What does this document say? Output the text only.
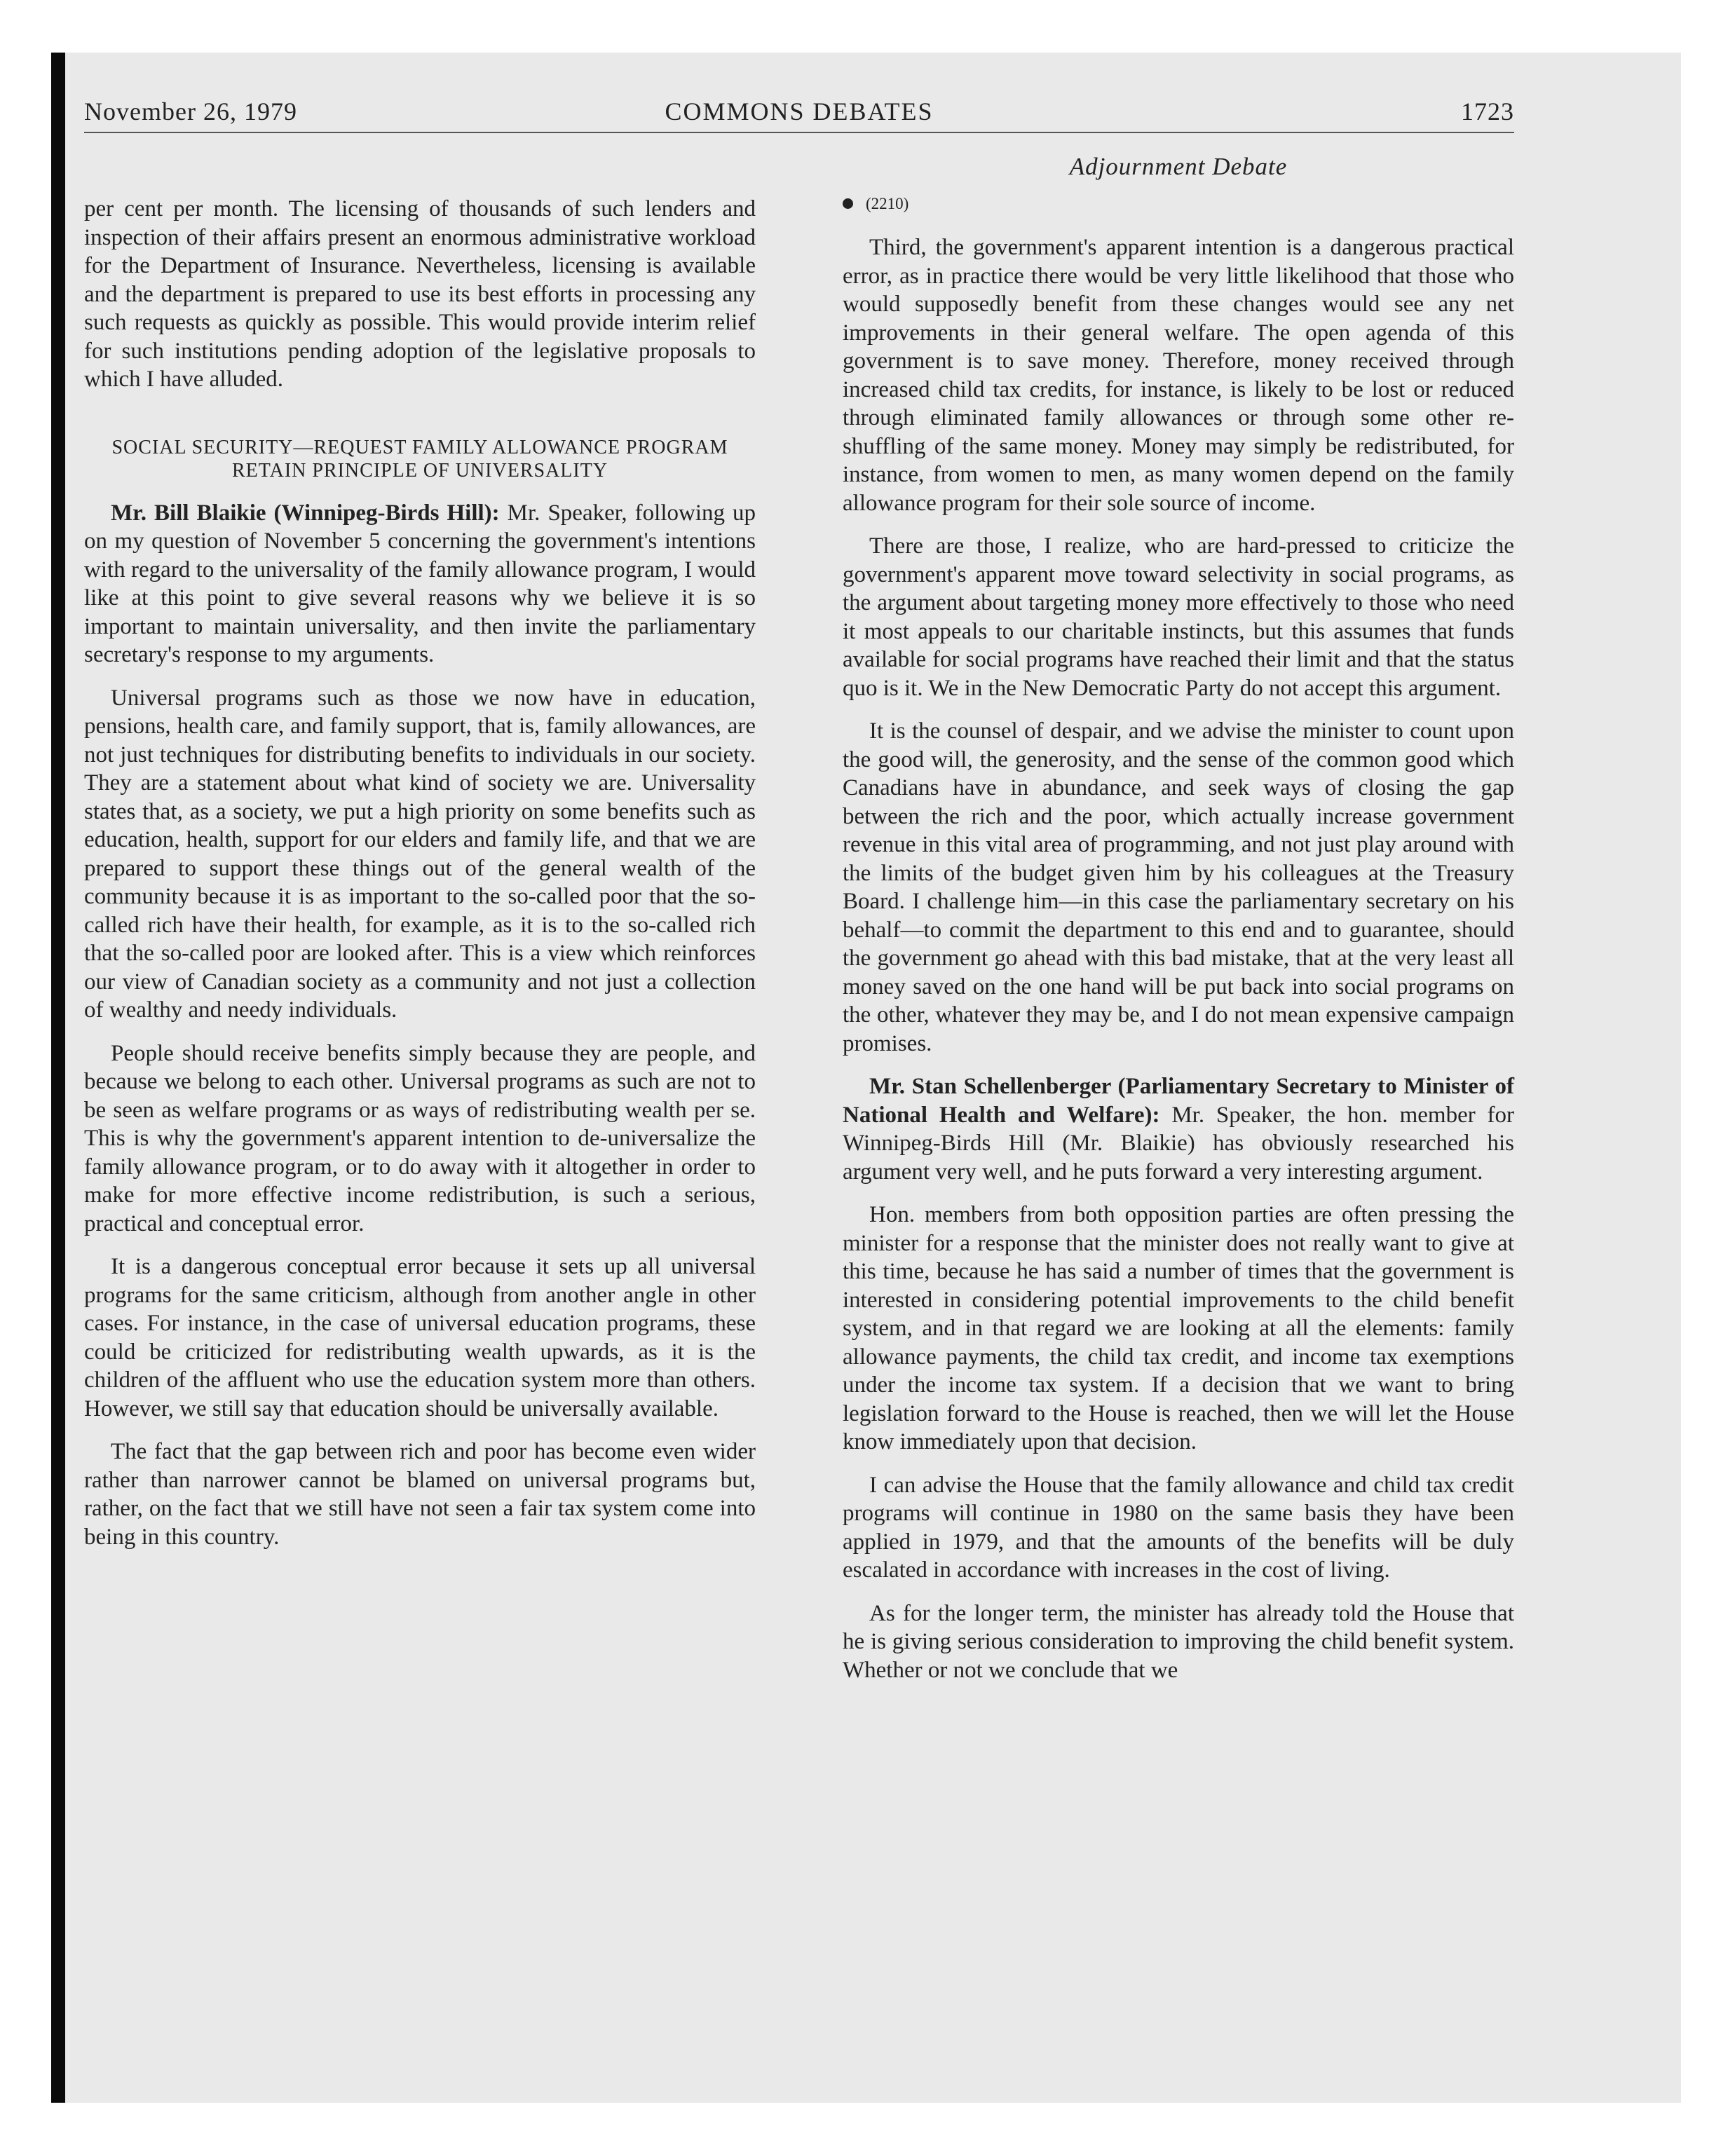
November 26, 1979	COMMONS DEBATES	1723

per cent per month. The licensing of thousands of such lenders and inspection of their affairs present an enormous administrative workload for the Department of Insurance. Nevertheless, licensing is available and the department is prepared to use its best efforts in processing any such requests as quickly as possible. This would provide interim relief for such institutions pending adoption of the legislative proposals to which I have alluded.

SOCIAL SECURITY—REQUEST FAMILY ALLOWANCE PROGRAM
RETAIN PRINCIPLE OF UNIVERSALITY

Mr. Bill Blaikie (Winnipeg-Birds Hill): Mr. Speaker, following up on my question of November 5 concerning the government's intentions with regard to the universality of the family allowance program, I would like at this point to give several reasons why we believe it is so important to maintain universality, and then invite the parliamentary secretary's response to my arguments.

Universal programs such as those we now have in education, pensions, health care, and family support, that is, family allowances, are not just techniques for distributing benefits to individuals in our society. They are a statement about what kind of society we are. Universality states that, as a society, we put a high priority on some benefits such as education, health, support for our elders and family life, and that we are prepared to support these things out of the general wealth of the community because it is as important to the so-called poor that the so-called rich have their health, for example, as it is to the so-called rich that the so-called poor are looked after. This is a view which reinforces our view of Canadian society as a community and not just a collection of wealthy and needy individuals.

People should receive benefits simply because they are people, and because we belong to each other. Universal programs as such are not to be seen as welfare programs or as ways of redistributing wealth per se. This is why the government's apparent intention to de-universalize the family allowance program, or to do away with it altogether in order to make for more effective income redistribution, is such a serious, practical and conceptual error.

It is a dangerous conceptual error because it sets up all universal programs for the same criticism, although from another angle in other cases. For instance, in the case of universal education programs, these could be criticized for redistributing wealth upwards, as it is the children of the affluent who use the education system more than others. However, we still say that education should be universally available.

The fact that the gap between rich and poor has become even wider rather than narrower cannot be blamed on universal programs but, rather, on the fact that we still have not seen a fair tax system come into being in this country.

Adjournment Debate
(2210)

Third, the government's apparent intention is a dangerous practical error, as in practice there would be very little likelihood that those who would supposedly benefit from these changes would see any net improvements in their general welfare. The open agenda of this government is to save money. Therefore, money received through increased child tax credits, for instance, is likely to be lost or reduced through eliminated family allowances or through some other re-shuffling of the same money. Money may simply be redistributed, for instance, from women to men, as many women depend on the family allowance program for their sole source of income.

There are those, I realize, who are hard-pressed to criticize the government's apparent move toward selectivity in social programs, as the argument about targeting money more effectively to those who need it most appeals to our charitable instincts, but this assumes that funds available for social programs have reached their limit and that the status quo is it. We in the New Democratic Party do not accept this argument.

It is the counsel of despair, and we advise the minister to count upon the good will, the generosity, and the sense of the common good which Canadians have in abundance, and seek ways of closing the gap between the rich and the poor, which actually increase government revenue in this vital area of programming, and not just play around with the limits of the budget given him by his colleagues at the Treasury Board. I challenge him—in this case the parliamentary secretary on his behalf—to commit the department to this end and to guarantee, should the government go ahead with this bad mistake, that at the very least all money saved on the one hand will be put back into social programs on the other, whatever they may be, and I do not mean expensive campaign promises.

Mr. Stan Schellenberger (Parliamentary Secretary to Minister of National Health and Welfare): Mr. Speaker, the hon. member for Winnipeg-Birds Hill (Mr. Blaikie) has obviously researched his argument very well, and he puts forward a very interesting argument.

Hon. members from both opposition parties are often pressing the minister for a response that the minister does not really want to give at this time, because he has said a number of times that the government is interested in considering potential improvements to the child benefit system, and in that regard we are looking at all the elements: family allowance payments, the child tax credit, and income tax exemptions under the income tax system. If a decision that we want to bring legislation forward to the House is reached, then we will let the House know immediately upon that decision.

I can advise the House that the family allowance and child tax credit programs will continue in 1980 on the same basis they have been applied in 1979, and that the amounts of the benefits will be duly escalated in accordance with increases in the cost of living.

As for the longer term, the minister has already told the House that he is giving serious consideration to improving the child benefit system. Whether or not we conclude that we
